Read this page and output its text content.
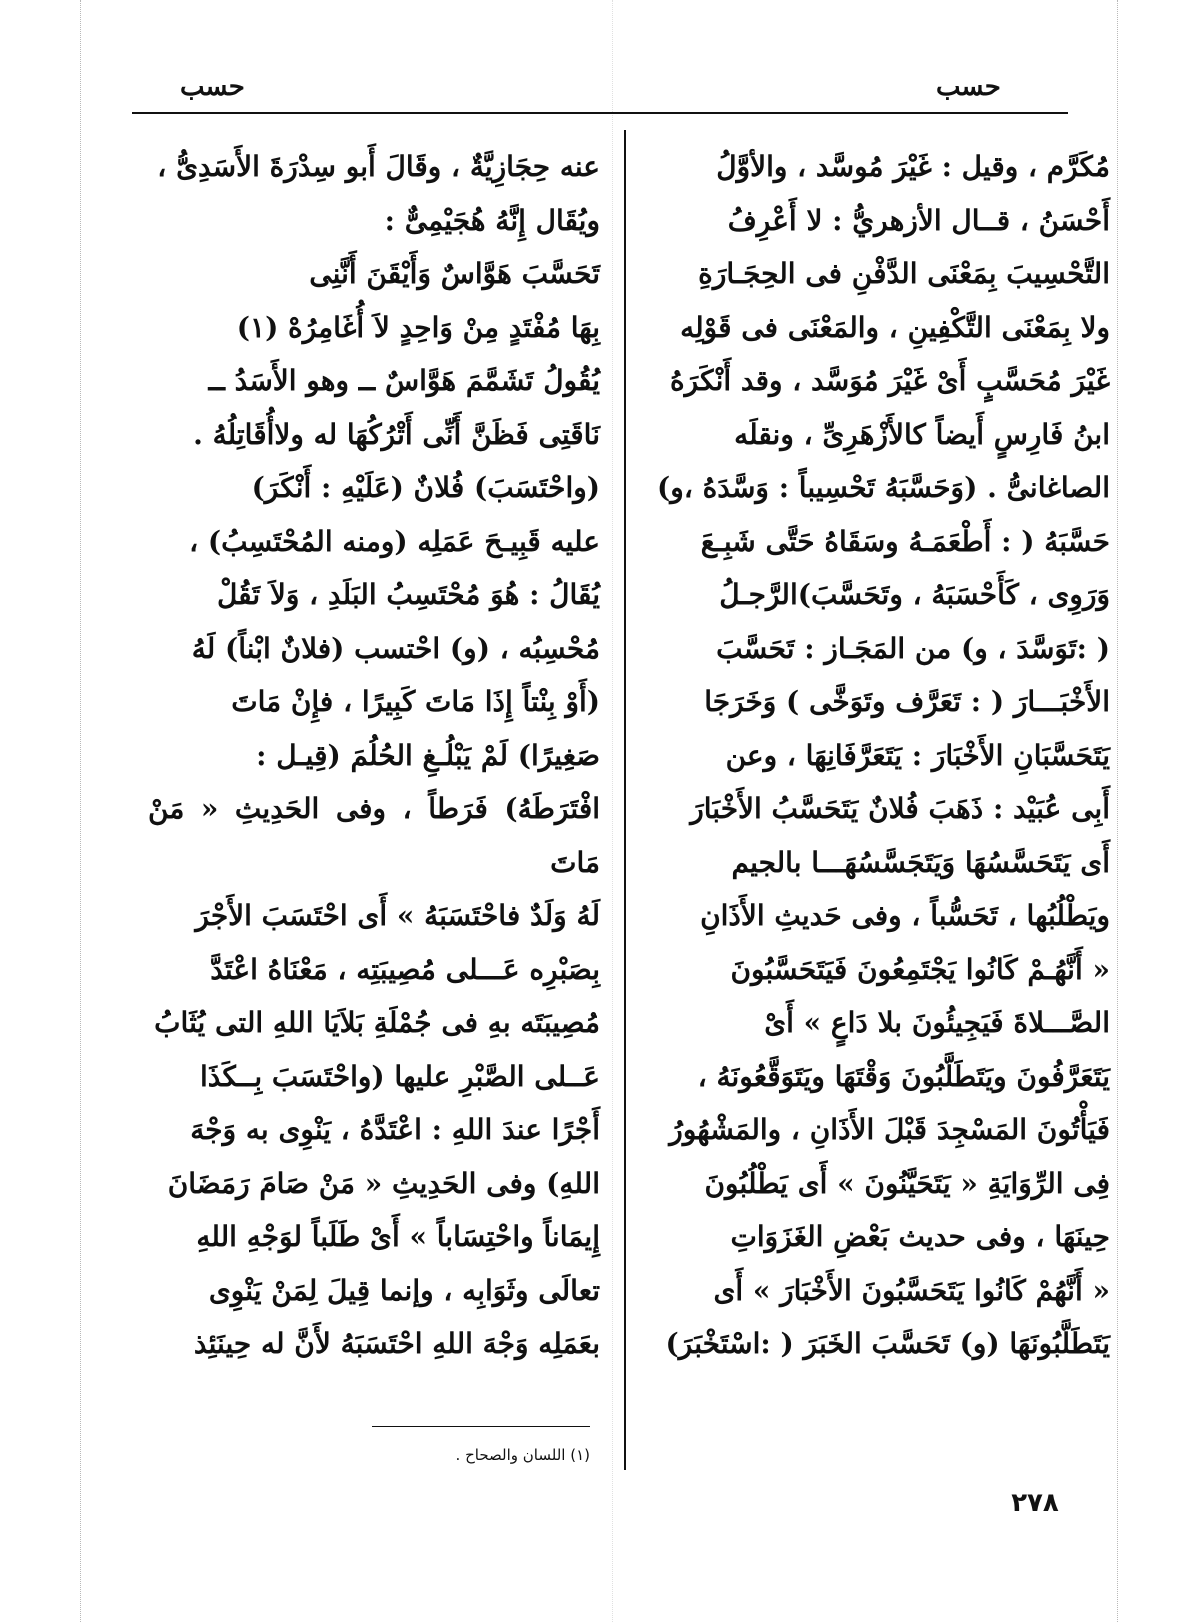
حسب	حسب

مُكَرَّم ، وقيل : غَيْرَ مُوسَّد ، والأوَّلُ

أَحْسَنُ ، قــال الأزهريُّ : لا أَعْرِفُ

التَّحْسِيبَ بِمَعْنَى الدَّفْنِ فى الحِجَـارَةِ

ولا بِمَعْنَى التَّكْفِينِ ، والمَعْنَى فى قَوْلِه

غَيْرَ مُحَسَّبٍ أَىْ غَيْرَ مُوَسَّد ، وقد أَنْكَرَهُ

ابنُ فَارِسٍ أَيضاً كالأَزْهَرِىِّ ، ونقلَه

الصاغانىُّ . (وَحَسَّبَهُ تَحْسِيباً : وَسَّدَهُ ،و)

حَسَّبَهُ ( : أَطْعَمَـهُ وسَقَاهُ حَتَّى شَبِـعَ

وَرَوِى ، كَأَحْسَبَهُ ، وتَحَسَّبَ)الرَّجـلُ

( :تَوَسَّدَ ، و) من المَجَـاز : تَحَسَّبَ

الأَخْبَـــارَ ( : تَعَرَّف وتَوَخَّى ) وَخَرَجَا

يَتَحَسَّبَانِ الأَخْبَارَ : يَتَعَرَّفَانِهَا ، وعن

أَبِى عُبَيْد : ذَهَبَ فُلانٌ يَتَحَسَّبُ الأَخْبَارَ

أَى يَتَحَسَّسُهَا وَيَتَجَسَّسُهَـــا بالجيم

ويَطْلُبُها ، تَحَسُّباً ، وفى حَديثِ الأَذَانِ

« أَنَّهُـمْ كَانُوا يَجْتَمِعُونَ فَيَتَحَسَّبُونَ

الصَّـــلاةَ فَيَجِيئُونَ بلا دَاعٍ » أَىْ

يَتَعَرَّفُونَ ويَتَطَلَّبُونَ وَقْتَهَا ويَتَوَقَّعُونَهُ ،

فَيَأْتُونَ المَسْجِدَ قَبْلَ الأَذَانِ ، والمَشْهُورُ

فِى الرِّوَايَةِ « يَتَحَيَّنُونَ » أَى يَطْلُبُونَ

حِينَهَا ، وفى حديث بَعْضِ الغَزَوَاتِ

« أَنَّهُمْ كَانُوا يَتَحَسَّبُونَ الأَخْبَارَ » أَى

يَتَطَلَّبُونَهَا (و) تَحَسَّبَ الخَبَرَ ( :اسْتَخْبَرَ)

عنه حِجَازِيَّةٌ ، وقَالَ أَبو سِدْرَةَ الأَسَدِىُّ ،

ويُقَال إِنَّهُ هُجَيْمِىٌّ :

تَحَسَّبَ هَوَّاسٌ وَأَيْقَنَ أَنَّنِى

بِهَا مُفْتَدٍ مِنْ وَاحِدٍ لاَ أُغَامِرُهْ (١)

يُقُولُ تَشَمَّمَ هَوَّاسٌ ــ وهو الأَسَدُ ــ

نَاقَتِى فَظَنَّ أَنِّى أَتْرُكُهَا له ولاأُقَاتِلُهُ .

(واحْتَسَبَ) فُلانٌ (عَلَيْهِ : أَنْكَرَ)

عليه قَبِيـحَ عَمَلِه (ومنه المُحْتَسِبُ) ،

يُقَالُ : هُوَ مُحْتَسِبُ البَلَدِ ، وَلاَ تَقُلْ

مُحْسِبُه ، (و) احْتسب (فلانٌ ابْناً) لَهُ

(أَوْ بِنْتاً إِذَا مَاتَ كَبِيرًا ، فإِنْ مَاتَ

صَغِيرًا) لَمْ يَبْلُـغِ الحُلُمَ (قِيـل :

افْتَرَطَهُ) فَرَطاً ، وفى الحَدِيثِ « مَنْ مَاتَ

لَهُ وَلَدٌ فاحْتَسَبَهُ » أَى احْتَسَبَ الأَجْرَ

بِصَبْرِه عَـــلى مُصِيبَتِه ، مَعْنَاهُ اعْتَدَّ

مُصِيبَتَه بهِ فى جُمْلَةِ بَلاَيَا اللهِ التى يُثَابُ

عَــلى الصَّبْرِ عليها (واحْتَسَبَ بِــكَذَا

أَجْرًا عندَ اللهِ : اعْتَدَّهُ ، يَنْوِى به وَجْهَ

اللهِ) وفى الحَدِيثِ « مَنْ صَامَ رَمَضَانَ

إِيمَاناً واحْتِسَاباً » أَىْ طَلَباً لوَجْهِ اللهِ

تعالَى وثَوَابِه ، وإنما قِيلَ لِمَنْ يَنْوِى

بعَمَلِه وَجْهَ اللهِ احْتَسَبَهُ لأَنَّ له حِينَئِذ

(١) اللسان والصحاح .
٢٧٨
